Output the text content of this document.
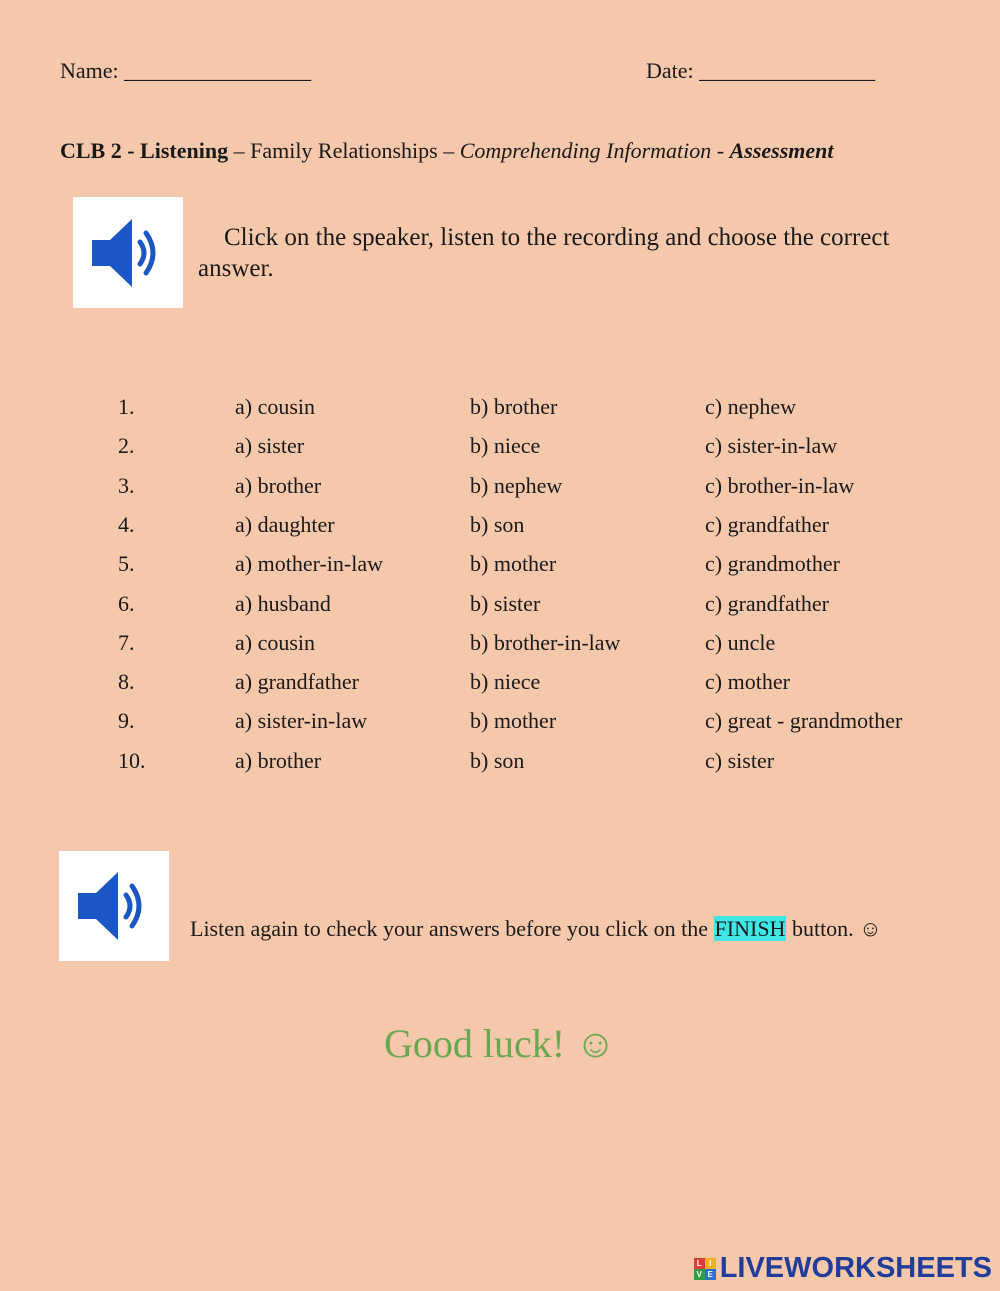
Name: _________________	Date: ________________
CLB 2 - Listening – Family Relationships – Comprehending Information - Assessment
Click on the speaker, listen to the recording and choose the correct answer.
1.	a) cousin	b) brother	c) nephew
2.	a) sister	b) niece	c) sister-in-law
3.	a) brother	b) nephew	c) brother-in-law
4.	a) daughter	b) son	c) grandfather
5.	a) mother-in-law	b) mother	c) grandmother
6.	a) husband	b) sister	c) grandfather
7.	a) cousin	b) brother-in-law	c) uncle
8.	a) grandfather	b) niece	c) mother
9.	a) sister-in-law	b) mother	c) great - grandmother
10.	a) brother	b) son	c) sister
Listen again to check your answers before you click on the FINISH button. ☺
Good luck! ☺
L I
V E LIVEWORKSHEETS
